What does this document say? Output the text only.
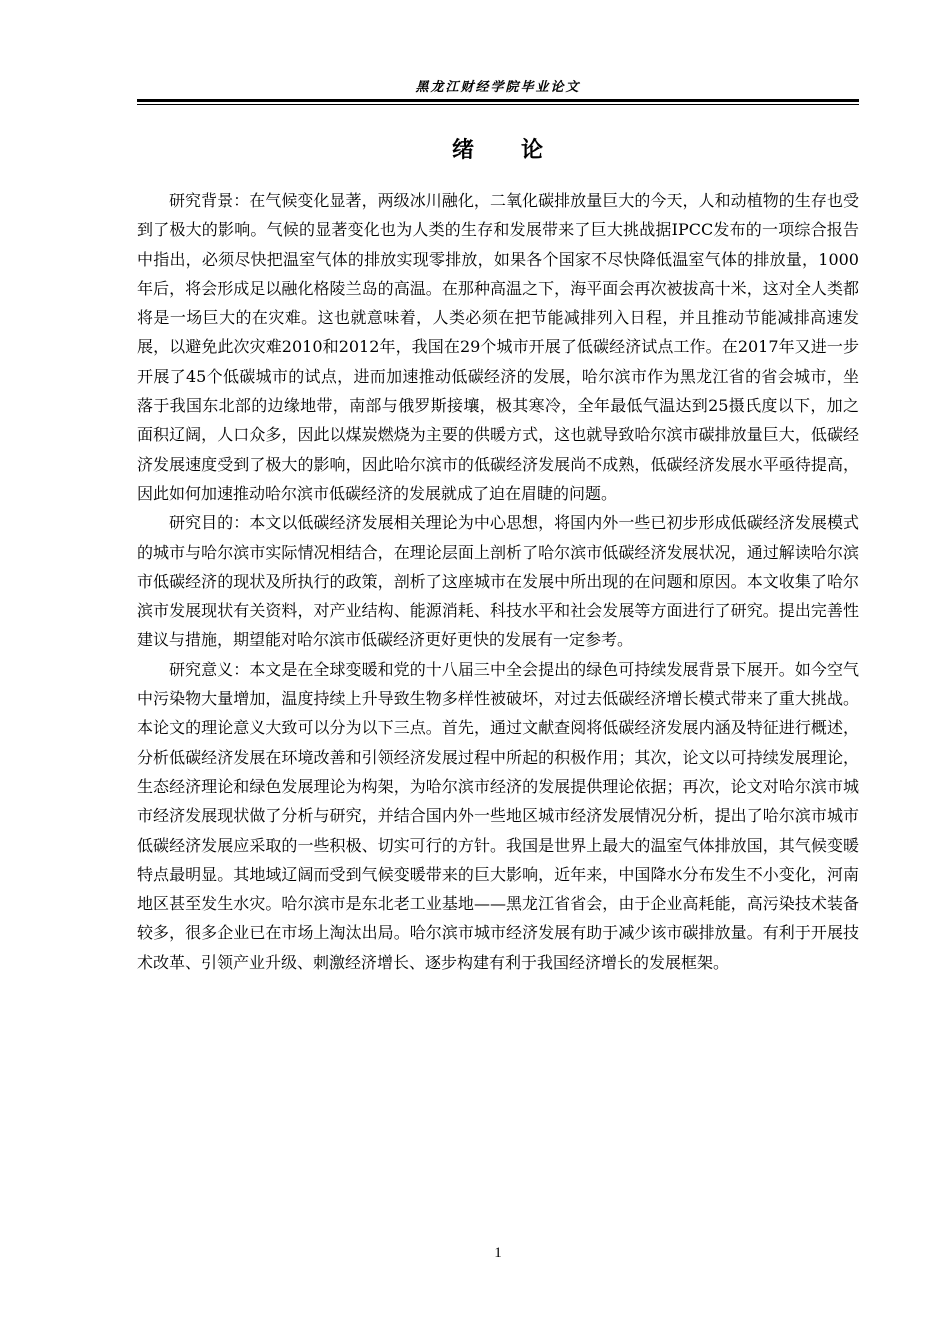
黑龙江财经学院毕业论文
绪　　论

研究背景：在气候变化显著，两级冰川融化，二氧化碳排放量巨大的今天，人和动植物的生存也受到了极大的影响。气候的显著变化也为人类的生存和发展带来了巨大挑战据IPCC发布的一项综合报告中指出，必须尽快把温室气体的排放实现零排放，如果各个国家不尽快降低温室气体的排放量，1000年后，将会形成足以融化格陵兰岛的高温。在那种高温之下，海平面会再次被拔高十米，这对全人类都将是一场巨大的在灾难。这也就意味着，人类必须在把节能减排列入日程，并且推动节能减排高速发展，以避免此次灾难2010和2012年，我国在29个城市开展了低碳经济试点工作。在2017年又进一步开展了45个低碳城市的试点，进而加速推动低碳经济的发展，哈尔滨市作为黑龙江省的省会城市，坐落于我国东北部的边缘地带，南部与俄罗斯接壤，极其寒冷，全年最低气温达到25摄氏度以下，加之面积辽阔，人口众多，因此以煤炭燃烧为主要的供暖方式，这也就导致哈尔滨市碳排放量巨大，低碳经济发展速度受到了极大的影响，因此哈尔滨市的低碳经济发展尚不成熟，低碳经济发展水平亟待提高，因此如何加速推动哈尔滨市低碳经济的发展就成了迫在眉睫的问题。

研究目的：本文以低碳经济发展相关理论为中心思想，将国内外一些已初步形成低碳经济发展模式的城市与哈尔滨市实际情况相结合，在理论层面上剖析了哈尔滨市低碳经济发展状况，通过解读哈尔滨市低碳经济的现状及所执行的政策，剖析了这座城市在发展中所出现的在问题和原因。本文收集了哈尔滨市发展现状有关资料，对产业结构、能源消耗、科技水平和社会发展等方面进行了研究。提出完善性建议与措施，期望能对哈尔滨市低碳经济更好更快的发展有一定参考。

研究意义：本文是在全球变暖和党的十八届三中全会提出的绿色可持续发展背景下展开。如今空气中污染物大量增加，温度持续上升导致生物多样性被破坏，对过去低碳经济增长模式带来了重大挑战。本论文的理论意义大致可以分为以下三点。首先，通过文献查阅将低碳经济发展内涵及特征进行概述，分析低碳经济发展在环境改善和引领经济发展过程中所起的积极作用；其次，论文以可持续发展理论，生态经济理论和绿色发展理论为构架，为哈尔滨市经济的发展提供理论依据；再次，论文对哈尔滨市城市经济发展现状做了分析与研究，并结合国内外一些地区城市经济发展情况分析，提出了哈尔滨市城市低碳经济发展应采取的一些积极、切实可行的方针。我国是世界上最大的温室气体排放国，其气候变暖特点最明显。其地域辽阔而受到气候变暖带来的巨大影响，近年来，中国降水分布发生不小变化，河南地区甚至发生水灾。哈尔滨市是东北老工业基地——黑龙江省省会，由于企业高耗能，高污染技术装备较多，很多企业已在市场上淘汰出局。哈尔滨市城市经济发展有助于减少该市碳排放量。有利于开展技术改革、引领产业升级、刺激经济增长、逐步构建有利于我国经济增长的发展框架。

1
